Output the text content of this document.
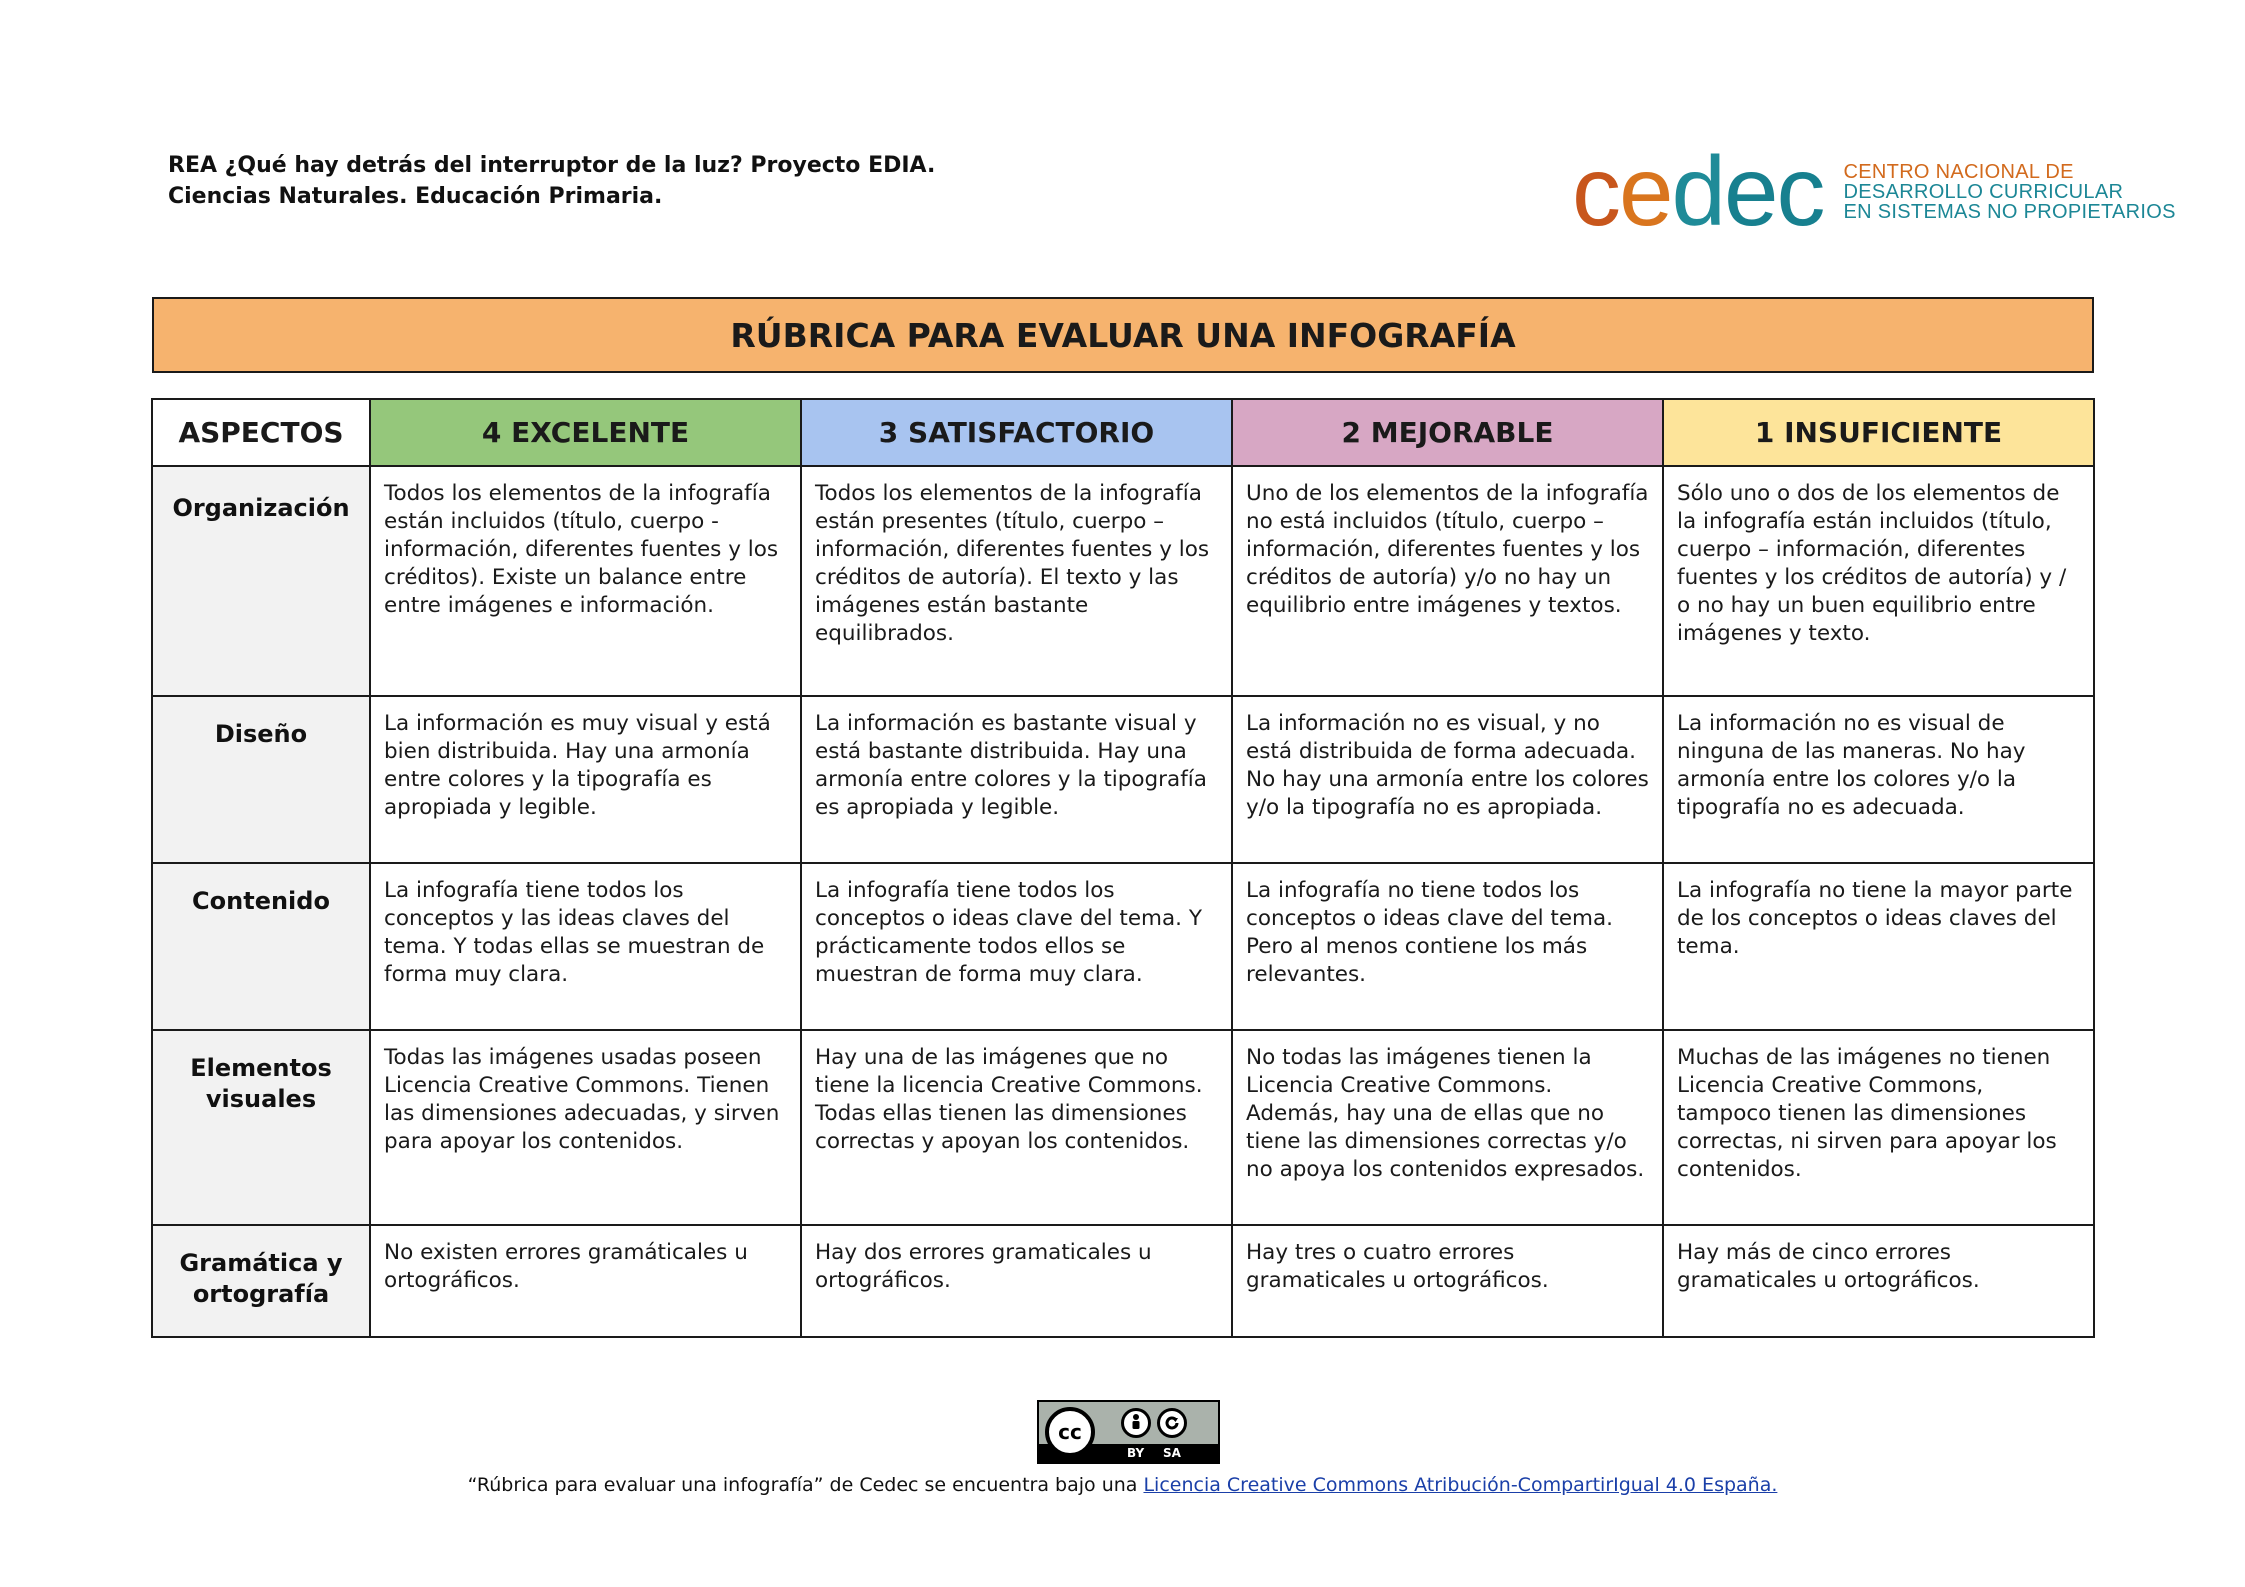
REA ¿Qué hay detrás del interruptor de la luz? Proyecto EDIA.
Ciencias Naturales. Educación Primaria.	cedec CENTRO NACIONAL DE
DESARROLLO CURRICULAR
EN SISTEMAS NO PROPIETARIOS
RÚBRICA PARA EVALUAR UNA INFOGRAFÍA
ASPECTOS	4 EXCELENTE	3 SATISFACTORIO	2 MEJORABLE	1 INSUFICIENTE
Organización	Todos los elementos de la infografía están incluidos (título, cuerpo - información, diferentes fuentes y los créditos). Existe un balance entre entre imágenes e información.	Todos los elementos de la infografía están presentes (título, cuerpo – información, diferentes fuentes y los créditos de autoría). El texto y las imágenes están bastante equilibrados.	Uno de los elementos de la infografía no está incluidos (título, cuerpo – información, diferentes fuentes y los créditos de autoría) y/o no hay un equilibrio entre imágenes y textos.	Sólo uno o dos de los elementos de la infografía están incluidos (título, cuerpo – información, diferentes fuentes y los créditos de autoría) y / o no hay un buen equilibrio entre imágenes y texto.
Diseño	La información es muy visual y está bien distribuida. Hay una armonía entre colores y la tipografía es apropiada y legible.	La información es bastante visual y está bastante distribuida. Hay una armonía entre colores y la tipografía es apropiada y legible.	La información no es visual, y no está distribuida de forma adecuada. No hay una armonía entre los colores y/o la tipografía no es apropiada.	La información no es visual de ninguna de las maneras. No hay armonía entre los colores y/o la tipografía no es adecuada.
Contenido	La infografía tiene todos los conceptos y las ideas claves del tema. Y todas ellas se muestran de forma muy clara.	La infografía tiene todos los conceptos o ideas clave del tema. Y prácticamente todos ellos se muestran de forma muy clara.	La infografía no tiene todos los conceptos o ideas clave del tema. Pero al menos contiene los más relevantes.	La infografía no tiene la mayor parte de los conceptos o ideas claves del tema.
Elementos visuales	Todas las imágenes usadas poseen Licencia Creative Commons. Tienen las dimensiones adecuadas, y sirven para apoyar los contenidos.	Hay una de las imágenes que no tiene la licencia Creative Commons. Todas ellas tienen las dimensiones correctas y apoyan los contenidos.	No todas las imágenes tienen la Licencia Creative Commons. Además, hay una de ellas que no tiene las dimensiones correctas y/o no apoya los contenidos expresados.	Muchas de las imágenes no tienen Licencia Creative Commons, tampoco tienen las dimensiones correctas, ni sirven para apoyar los contenidos.
Gramática y ortografía	No existen errores gramáticales u ortográficos.	Hay dos errores gramaticales u ortográficos.	Hay tres o cuatro errores gramaticales u ortográficos.	Hay más de cinco errores gramaticales u ortográficos.
cc
BY SA
“Rúbrica para evaluar una infografía” de Cedec se encuentra bajo una Licencia Creative Commons Atribución-CompartirIgual 4.0 España.
